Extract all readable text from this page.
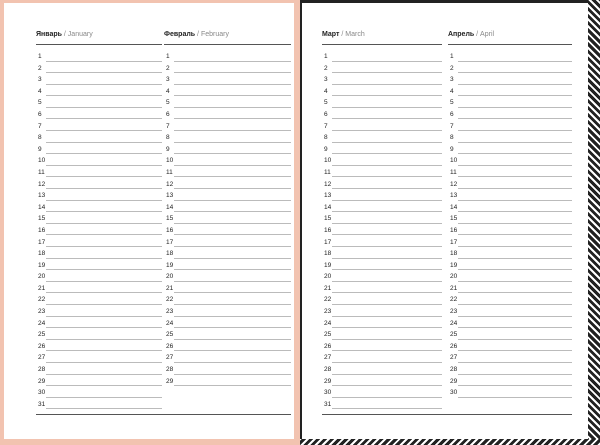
Январь / January
1
2
3
4
5
6
7
8
9
10
11
12
13
14
15
16
17
18
19
20
21
22
23
24
25
26
27
28
29
30
31
Февраль / February
1
2
3
4
5
6
7
8
9
10
11
12
13
14
15
16
17
18
19
20
21
22
23
24
25
26
27
28
29
Март / March
1
2
3
4
5
6
7
8
9
10
11
12
13
14
15
16
17
18
19
20
21
22
23
24
25
26
27
28
29
30
31
Апрель / April
1
2
3
4
5
6
7
8
9
10
11
12
13
14
15
16
17
18
19
20
21
22
23
24
25
26
27
28
29
30
